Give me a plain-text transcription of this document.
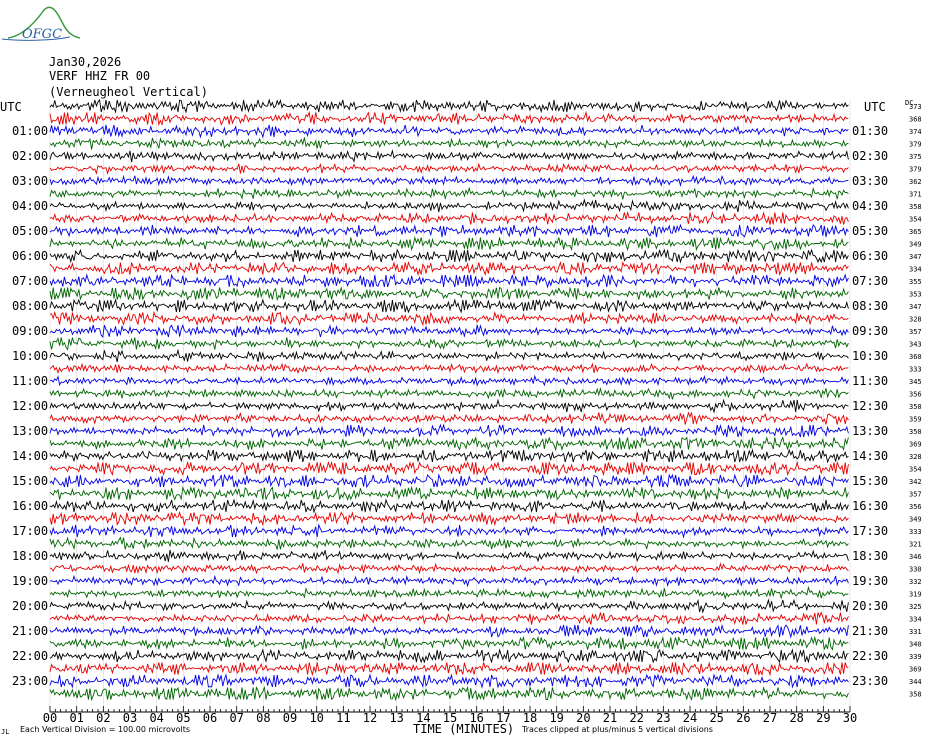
OFGC
Jan30,2026
VERF HHZ FR 00
(Verneugheol Vertical)
UTC	UTC	DC
01:00
02:00
03:00
04:00
05:00
06:00
07:00
08:00
09:00
10:00
11:00
12:00
13:00
14:00
15:00
16:00
17:00
18:00
19:00
20:00
21:00
22:00
23:00
01:30
02:30
03:30
04:30
05:30
06:30
07:30
08:30
09:30
10:30
11:30
12:30
13:30
14:30
15:30
16:30
17:30
18:30
19:30
20:30
21:30
22:30
23:30
373
368
374
379
375
379
362
371
358
354
365
349
347
334
355
353
347
328
357
343
360
333
345
356
350
359
350
369
328
354
342
357
356
349
333
321
346
330
332
319
325
334
331
340
339
369
344
358
00 01 02 03 04 05 06 07 08 09 10 11 12 13 14 15 16 17 18 19 20 21 22 23 24 25 26 27 28 29 30
JL Each Vertical Division = 100.00 microvolts	TIME (MINUTES) Traces clipped at plus/minus 5 vertical divisions
